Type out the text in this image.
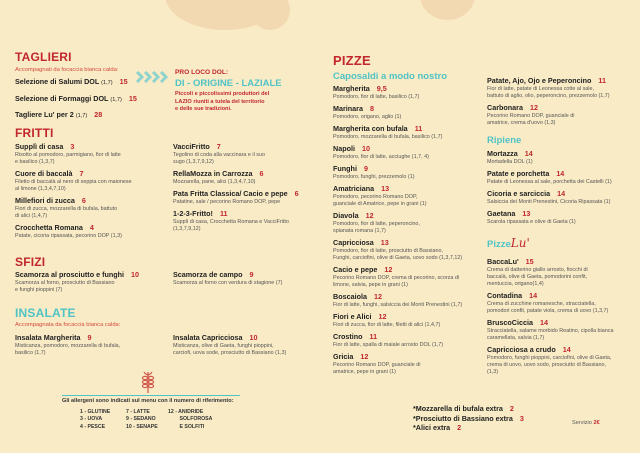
TAGLIERI
Accompagnati da focaccia bianca calda:
Selezione di Salumi DOL (1,7) 15
Selezione di Formaggi DOL (1,7) 15
Tagliere Lu' per 2 (1,7) 28
PRO LOCO DOL:
DI - ORIGINE - LAZIALE
Piccoli e piccolissimi produttori del
LAZIO riuniti a tutela del territorio
e delle sue tradizioni.
FRITTI
Supplì di casa 3
Risotto al pomodoro, parmigiano, fior di latte
e basilico (1,3,7)
Cuore di baccalà 7
Filetto di baccalà al nero di seppia con maionese
al limone (1,3,4,7,10)
Millefiori di zucca 6
Fiori di zucca, mozzarella di bufala, battuto
di alici (1,4,7)
Crocchetta Romana 4
Patate, cicoria ripassata, pecorino DOP (1,3)
VacciFritto 7
Tegolino di coda alla vaccinara e il suo
sugo (1,3,7,9,12)
RellaMozza in Carrozza 6
Mozzarella, pane, alici (1,3,4,7,10)
Pata Fritta Classica/ Cacio e pepe 6
Patatine, sale / pecorino Romano DOP, pepe
1-2-3-Fritto! 11
Supplì di casa, Crocchetta Romana e VacciFritto
(1,3,7,9,12)
SFIZI
Scamorza al prosciutto e funghi 10
Scamorza al forno, prosciutto di Bassiano
e funghi pioppini (7)
Scamorza de campo 9
Scamorza al forno con verdura di stagione (7)
INSALATE
Accompagnata da focaccia bianca calda:
Insalata Margherita 9
Misticanza, pomodoro, mozzarella di bufala,
basilico (1,7)
Insalata Capricciosa 10
Misticanza, olive di Gaeta, funghi pioppini,
carciofi, uova sode, prosciutto di Bassiano (1,3)
Gli allergeni sono indicati sul menu con il numero di riferimento:
1 - GLUTINE
3 - UOVA
4 - PESCE
7 - LATTE
9 - SEDANO
10 - SENAPE
12 - ANIDRIDE
SOLFOROSA
E SOLFITI
PIZZE
Caposaldi a modo nostro
Margherita 9,5
Pomodoro, fior di latte, basilico (1,7)
Marinara 8
Pomodoro, origano, aglio (1)
Margherita con bufala 11
Pomodoro, mozzarella di bufala, basilico (1,7)
Napoli 10
Pomodoro, fior di latte, acciughe (1,7, 4)
Funghi 9
Pomodoro, funghi, prezzemolo (1)
Amatriciana 13
Pomodoro, pecorino Romano DOP,
guanciale di Amatrice, pepe in grani (1)
Diavola 12
Pomodoro, fior di latte, peperoncino,
spianata romana (1,7)
Capricciosa 13
Pomodoro, fior di latte, prosciutto di Bassiano,
Funghi, carciofini, olive di Gaeta, uovo sodo (1,3,7,12)
Cacio e pepe 12
Pecorino Romano DOP, crema di pecorino, scorza di
limone, salvia, pepe in grani (1)
Boscaiola 12
Fior di latte, funghi, salsiccia dei Monti Prenestini (1,7)
Fiori e Alici 12
Fiori di zucca, fior di latte, filetti di alici (1,4,7)
Crostino 11
Fior di latte, spalla di maiale arrosto DOL (1,7)
Gricia 12
Pecorino Romano DOP, guanciale di
amatrice, pepe in grani (1)
Patate, Ajo, Ojo e Peperoncino 11
Fior di latte, patate di Leonessa cotte al sale,
battuto di aglio, olio, peperoncino, prezzemolo (1,7)
Carbonara 12
Pecorino Romano DOP, guanciale di
amatrice, crema d'uovo (1,3)
Ripiene
Mortazza 14
Mortadella DOL (1)
Patate e porchetta 14
Patate di Leonessa al sale, porchetta dei Castelli (1)
Cicoria e sarciccia 14
Salsiccia dei Monti Prenestini, Cicoria Ripassata (1)
Gaetana 13
Scarola ripassata e olive di Gaeta (1)
PizzeLu'
BaccaLu' 15
Crema di datterino giallo arrosto, fiocchi di
baccalà, olive di Gaeta, pomodorini confit,
mentuccia, origano(1,4)
Contadina 14
Crema di zucchine romanesche, stracciatella,
pomodori confit, patate viola, crema di uovo (1,3,7)
BruscoCiccia 14
Stracciatella, salame morbido Reatino, cipolla bianca
caramellata, salvia (1,7)
Capricciosa a crudo 14
Pomodoro, funghi pioppini, carciofini, olive di Gaeta,
crema di uovo, uovo sodo, prosciutto di Bassiano,
(1,3)
*Mozzarella di bufala extra 2
*Prosciutto di Bassiano extra 3
*Alici extra 2	Servizio 2€
